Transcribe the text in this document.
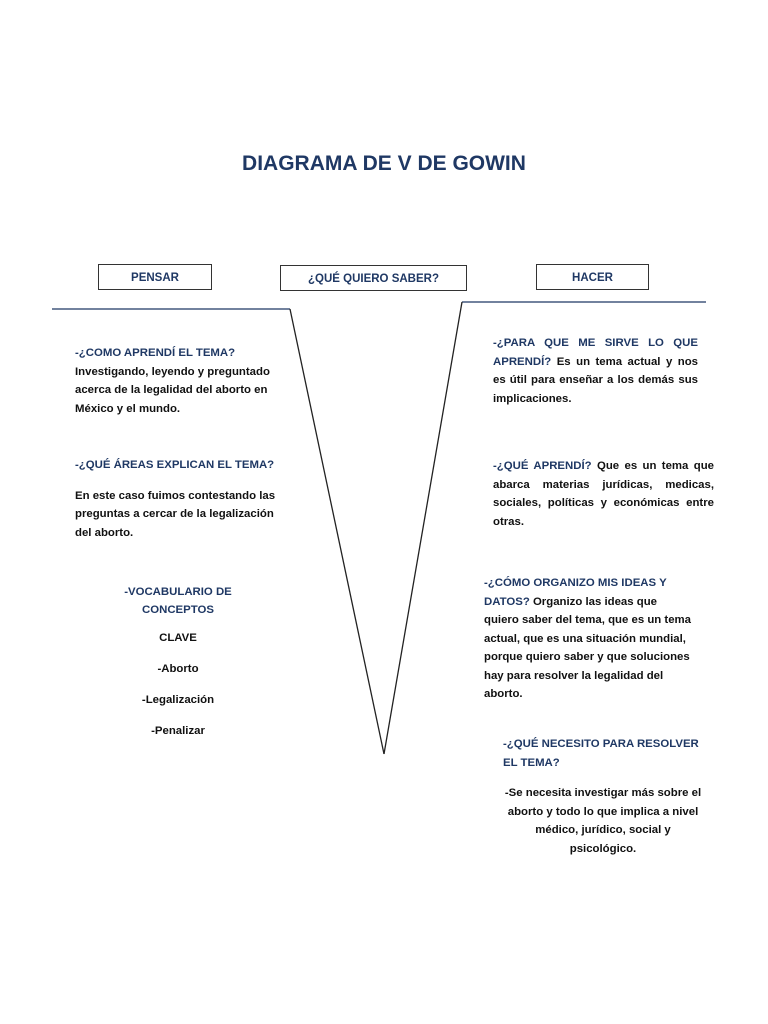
DIAGRAMA DE V DE GOWIN
PENSAR	¿QUÉ QUIERO SABER?	HACER
-¿COMO APRENDÍ EL TEMA?
Investigando, leyendo y preguntado acerca de la legalidad del aborto en México y el mundo.
-¿QUÉ ÁREAS EXPLICAN EL TEMA?
En este caso fuimos contestando las preguntas a cercar de la legalización del aborto.
-VOCABULARIO DE CONCEPTOS
CLAVE
-Aborto
-Legalización
-Penalizar
-¿PARA QUE ME SIRVE LO QUE APRENDÍ? Es un tema actual y nos es útil para enseñar a los demás sus implicaciones.
-¿QUÉ APRENDÍ? Que es un tema que abarca materias jurídicas, medicas, sociales, políticas y económicas entre otras.
-¿CÓMO ORGANIZO MIS IDEAS Y DATOS? Organizo las ideas que quiero saber del tema, que es un tema actual, que es una situación mundial, porque quiero saber y que soluciones hay para resolver la legalidad del aborto.
-¿QUÉ NECESITO PARA RESOLVER EL TEMA?
-Se necesita investigar más sobre el aborto y todo lo que implica a nivel médico, jurídico, social y psicológico.
